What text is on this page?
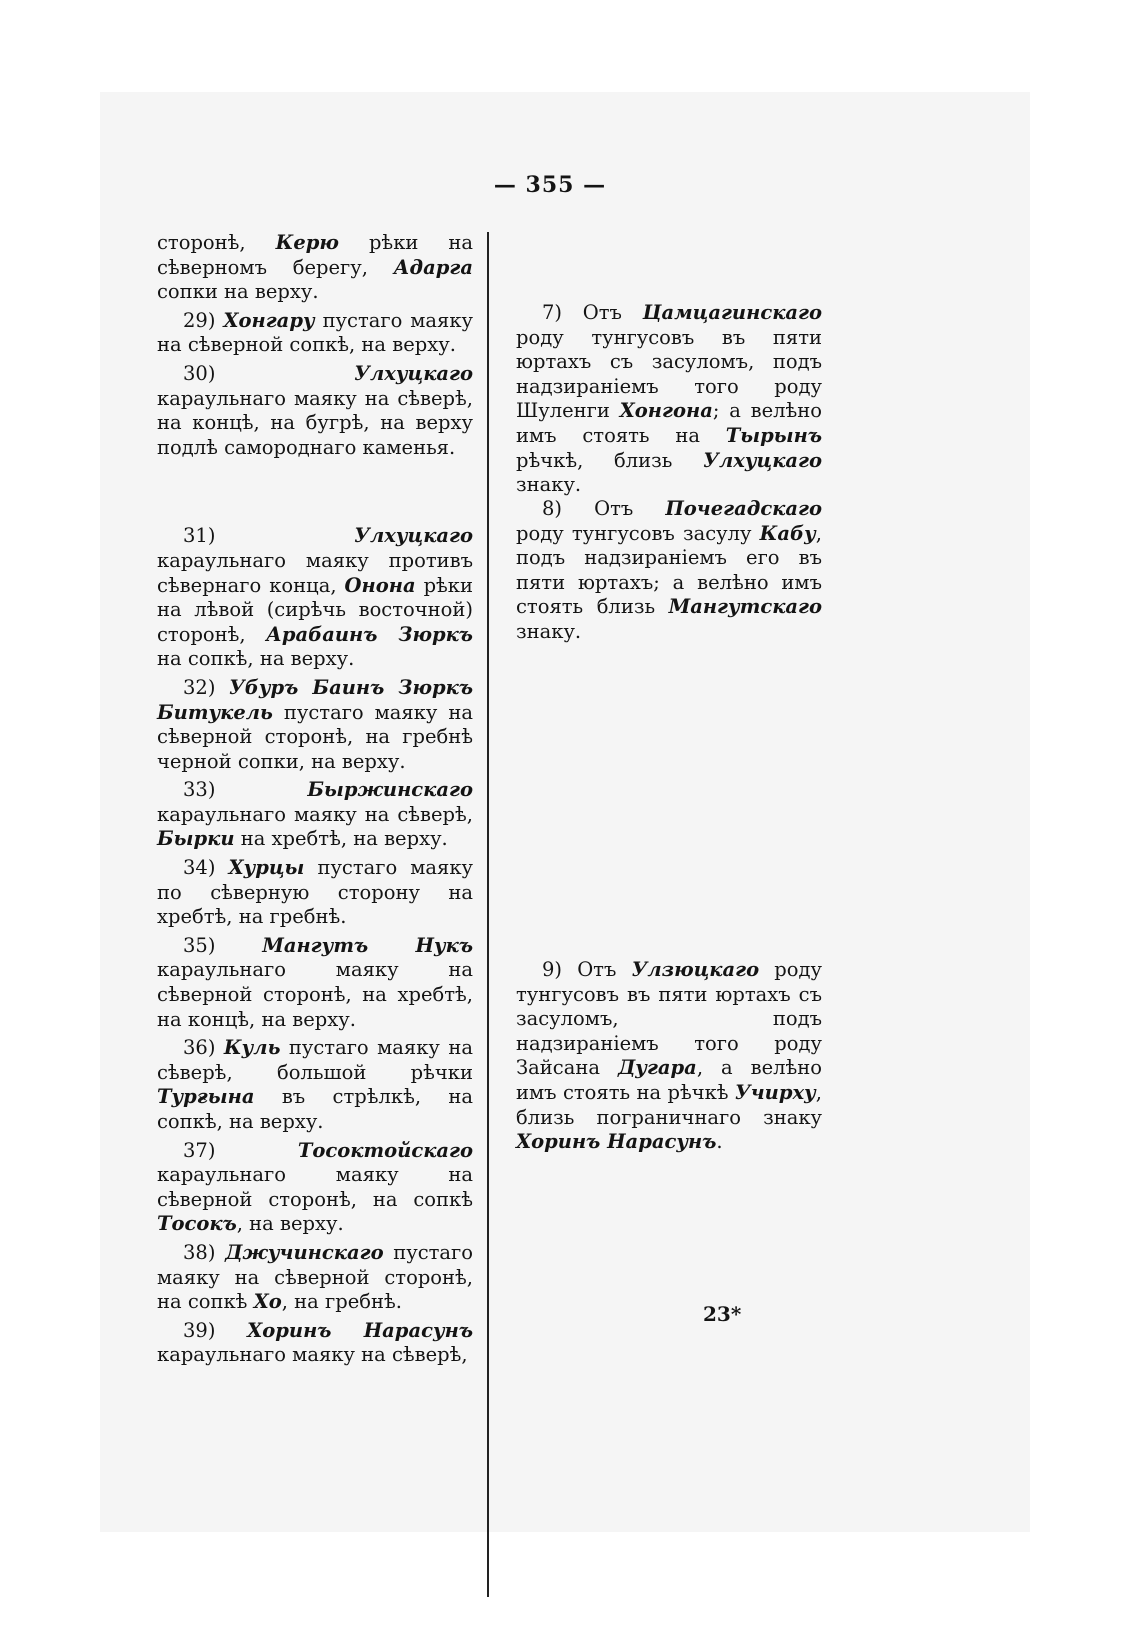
— 355 —

сторонѣ, Керю рѣки на сѣверномъ берегу, Адарга сопки на верху.

29) Хонгару пустаго маяку на сѣверной сопкѣ, на верху.

30)	Улхуцкаго караульнаго маяку на сѣверѣ, на концѣ, на бугрѣ, на верху подлѣ самороднаго каменья.

31)	Улхуцкаго караульнаго маяку противъ сѣвернаго конца, Онона рѣки на лѣвой (сирѣчь восточной) сторонѣ, Арабаинъ Зюркъ на сопкѣ, на верху.

32) Убуръ Баинъ Зюркъ Битукель пустаго маяку на сѣверной сторонѣ, на гребнѣ черной сопки, на верху.

33)	Быржинскаго караульнаго маяку на сѣверѣ, Бырки на хребтѣ, на верху.

34) Хурцы пустаго маяку по сѣверную сторону на хребтѣ, на гребнѣ.

35) Мангутъ Нукъ караульнаго маяку на сѣверной сторонѣ, на хребтѣ, на концѣ, на верху.

36) Куль пустаго маяку на сѣверѣ, большой рѣчки Турғына въ стрѣлкѣ, на сопкѣ, на верху.

37)	Тосоктойскаго караульнаго маяку на сѣверной сторонѣ, на сопкѣ Тосокъ, на верху.

38) Джучинскаго пустаго маяку на сѣверной сторонѣ, на сопкѣ Хо, на гребнѣ.

39) Хоринъ Нарасунъ караульнаго маяку на сѣверѣ,

7) Отъ Цамцагинскаго роду тунгусовъ въ пяти юртахъ съ засуломъ, подъ надзираніемъ того роду Шуленги Хонгона; а велѣно имъ стоять на Тырынъ рѣчкѣ, близь Улхуцкаго знаку.

8) Отъ Почегадскаго роду тунгусовъ засулу Кабу, подъ надзираніемъ его въ пяти юртахъ; а велѣно имъ стоять близь Мангутскаго знаку.

9) Отъ Улзюцкаго роду тунгусовъ въ пяти юртахъ съ засуломъ, подъ надзираніемъ того роду Зайсана Дугара, а велѣно имъ стоять на рѣчкѣ Учирху, близь пограничнаго знаку Хоринъ Нарасунъ.

23*
